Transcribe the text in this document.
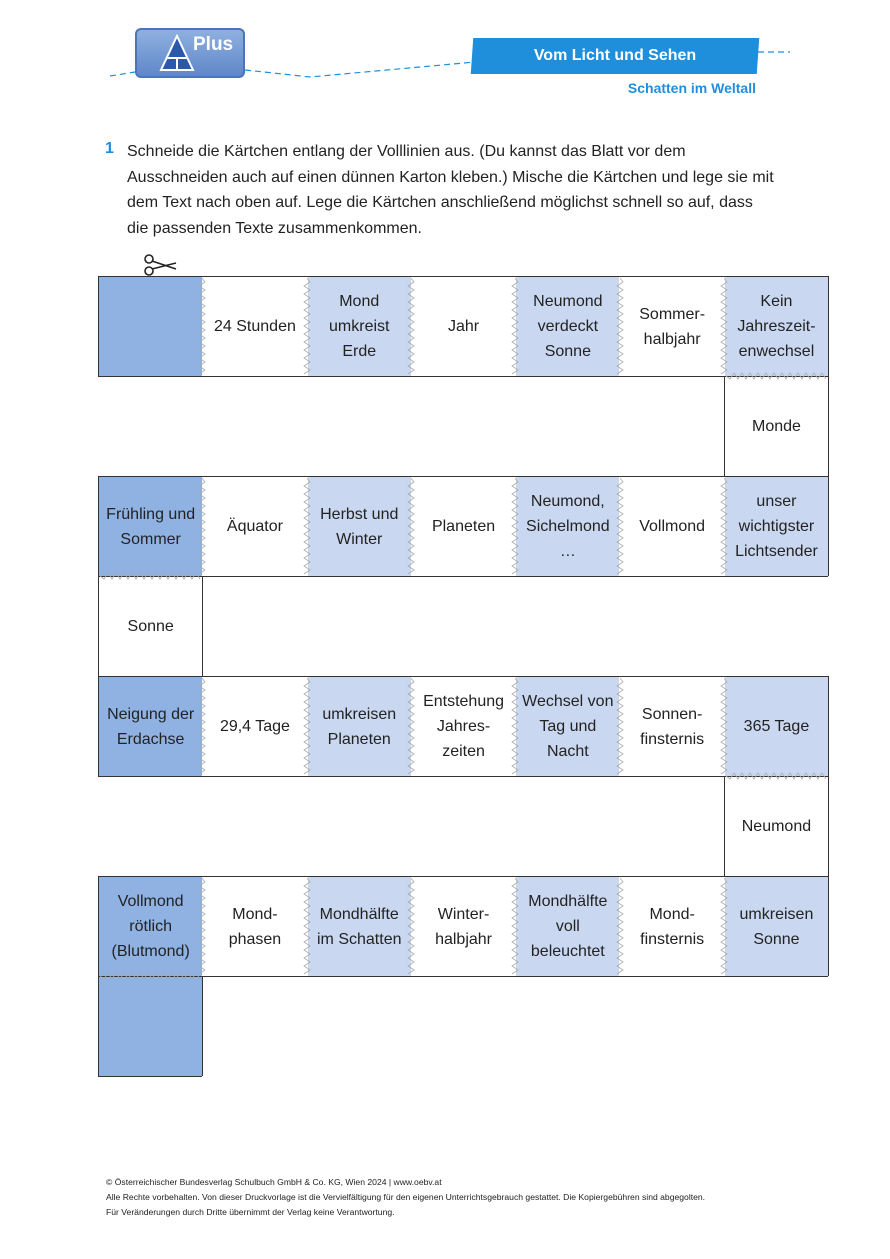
Plus
Vom Licht und Sehen
Schatten im Weltall
1 Schneide die Kärtchen entlang der Volllinien aus. (Du kannst das Blatt vor dem Ausschneiden auch auf einen dünnen Karton kleben.) Mische die Kärtchen und lege sie mit dem Text nach oben auf. Lege die Kärtchen anschließend möglichst schnell so auf, dass die passenden Texte zusammenkommen.
24 Stunden
Mond umkreist Erde
Jahr
Neumond verdeckt Sonne
Sommer-halbjahr
Kein Jahreszeit-enwechsel
Monde
Frühling und Sommer
Äquator
Herbst und Winter
Planeten
Neumond, Sichelmond …
Vollmond
unser wichtigster Lichtsender
Sonne
Neigung der Erdachse
29,4 Tage
umkreisen Planeten
Entstehung Jahres-zeiten
Wechsel von Tag und Nacht
Sonnen-finsternis
365 Tage
Neumond
Vollmond rötlich (Blutmond)
Mond-phasen
Mondhälfte im Schatten
Winter-halbjahr
Mondhälfte voll beleuchtet
Mond-finsternis
umkreisen Sonne
© Österreichischer Bundesverlag Schulbuch GmbH & Co. KG, Wien 2024 | www.oebv.at
Alle Rechte vorbehalten. Von dieser Druckvorlage ist die Vervielfältigung für den eigenen Unterrichtsgebrauch gestattet. Die Kopiergebühren sind abgegolten.
Für Veränderungen durch Dritte übernimmt der Verlag keine Verantwortung.
